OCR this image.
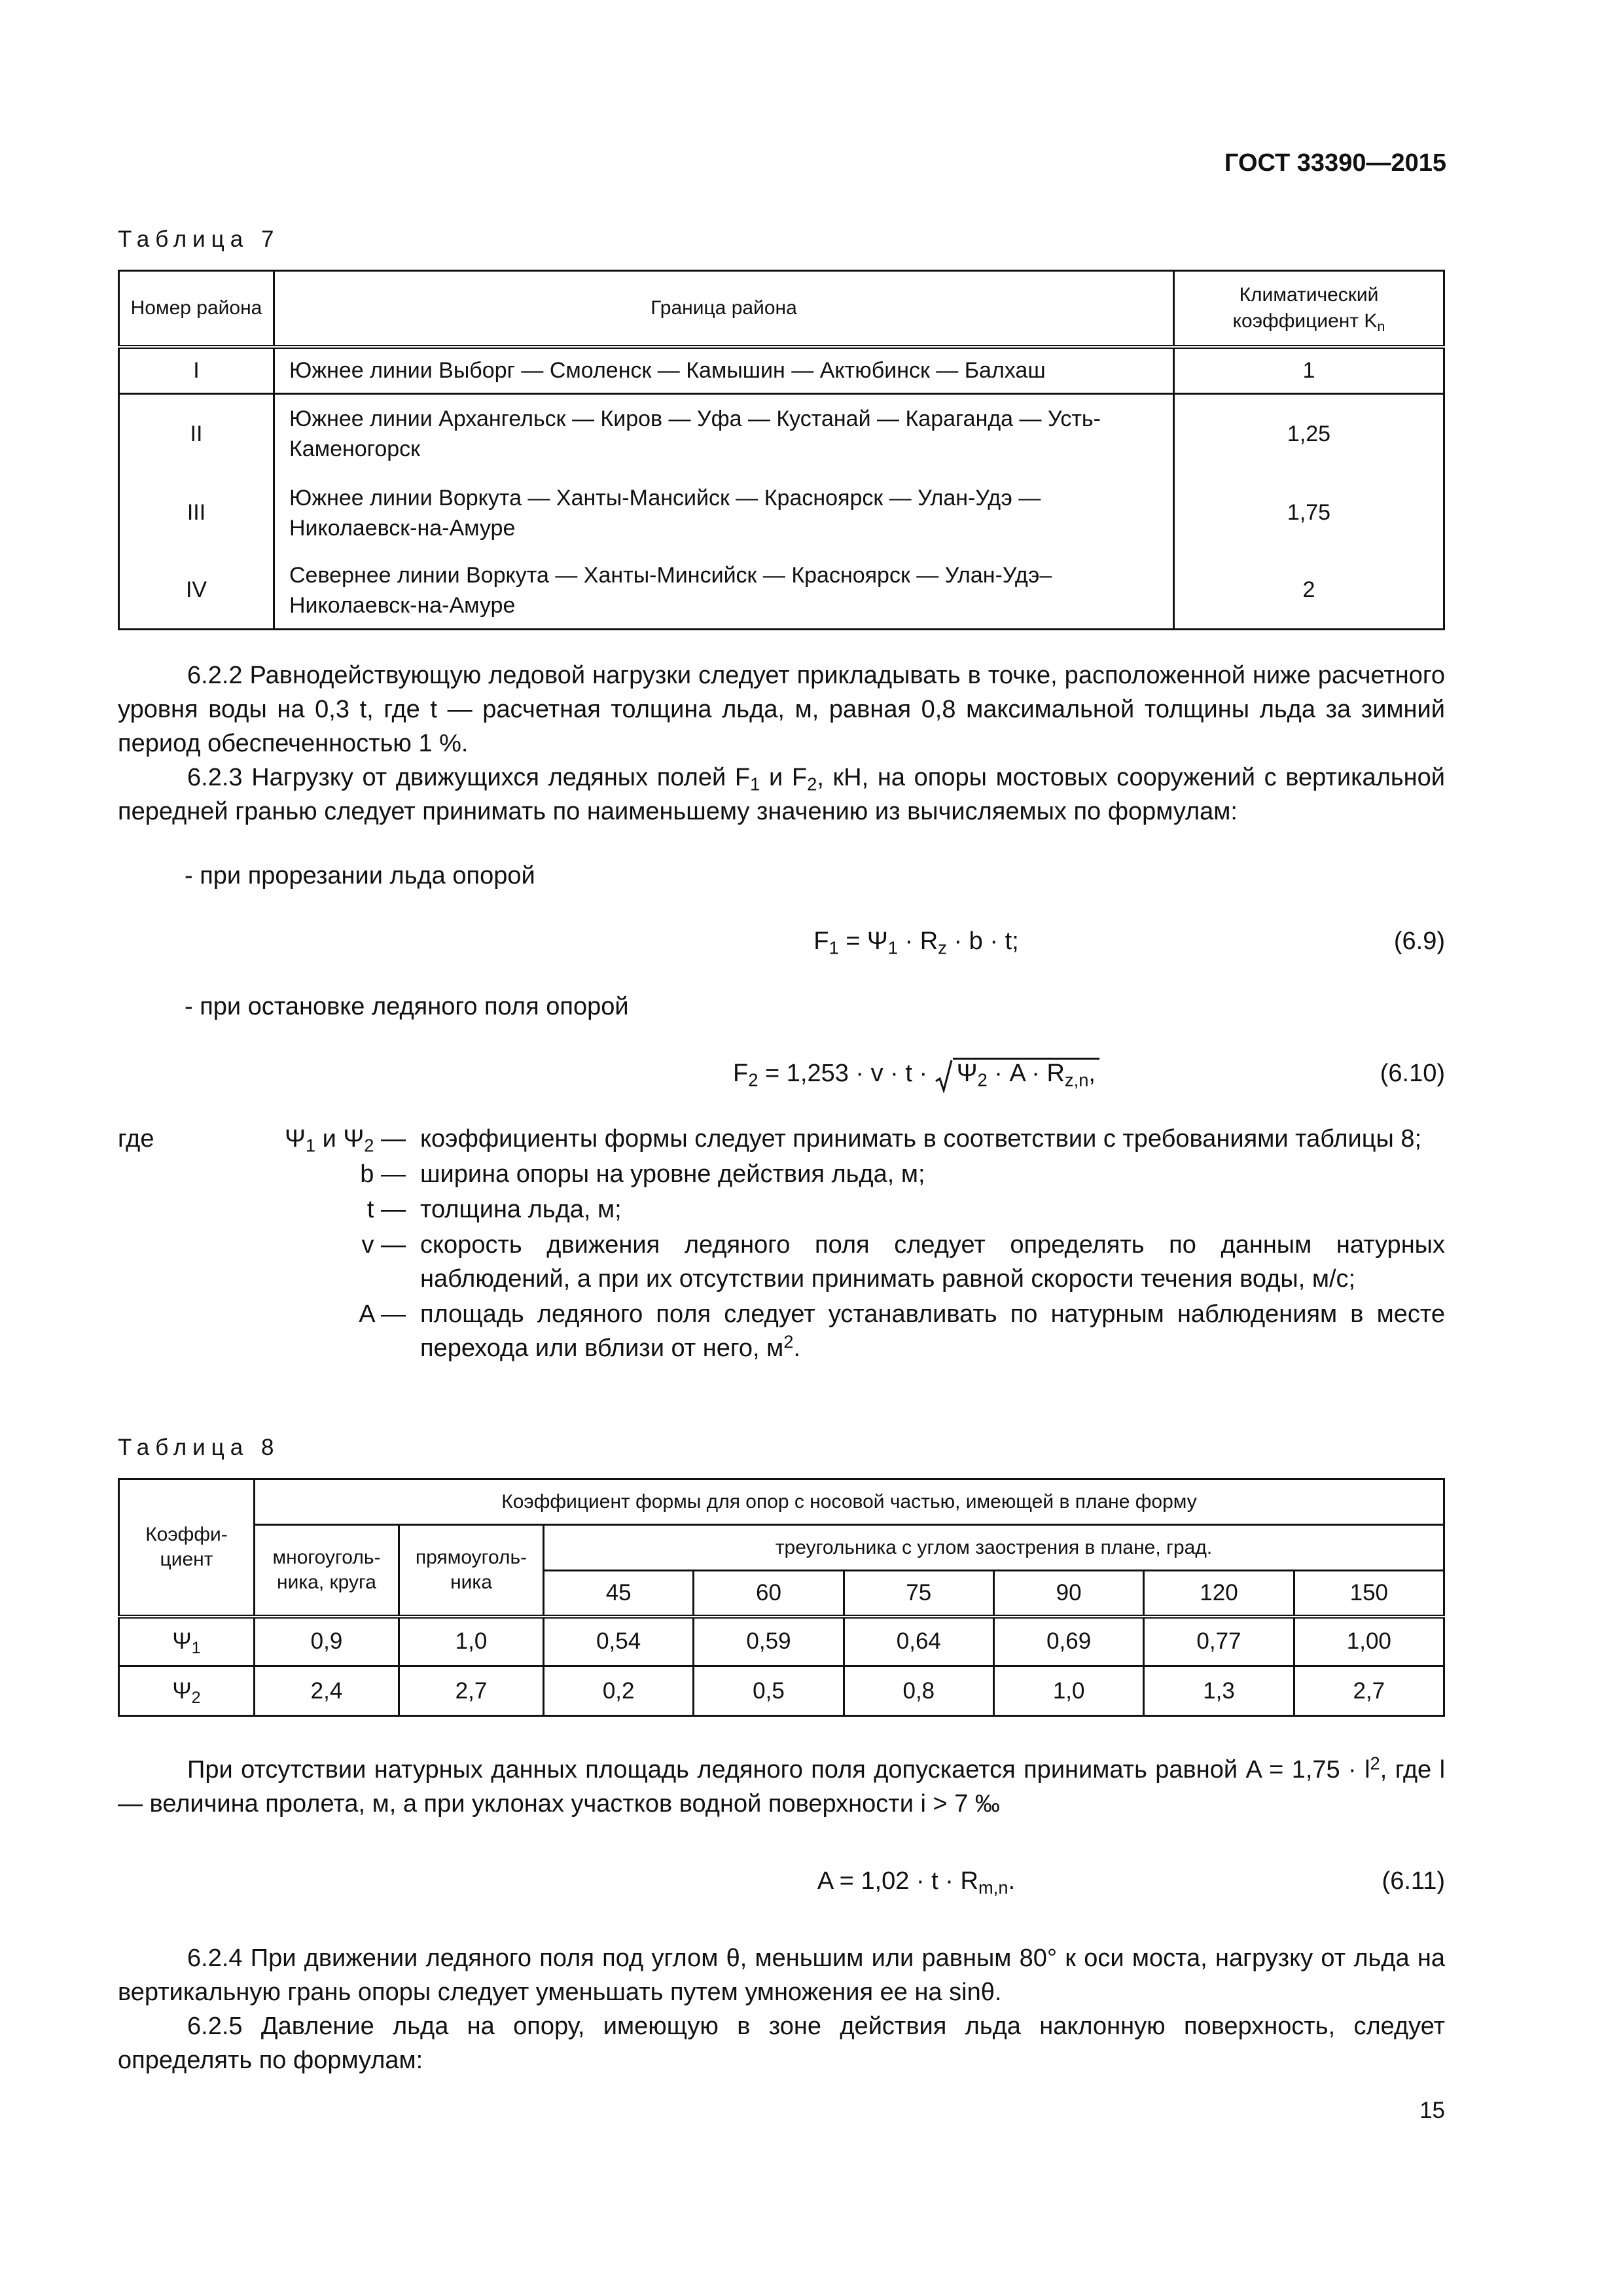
ГОСТ 33390—2015
Таблица 7
Номер района	Граница района	Климатический коэффициент $K_n$
I	Южнее линии Выборг — Смоленск — Камышин — Актюбинск — Балхаш	1
II	Южнее линии Архангельск — Киров — Уфа — Кустанай — Караганда — Усть-Каменогорск	1,25
III	Южнее линии Воркута — Ханты-Мансийск — Красноярск — Улан-Удэ — Николаевск-на-Амуре	1,75
IV	Севернее линии Воркута — Ханты-Минсийск — Красноярск — Улан-Удэ–Николаевск-на-Амуре	2
6.2.2 Равнодействующую ледовой нагрузки следует прикладывать в точке, расположенной ниже расчетного уровня воды на 0,3 t, где t — расчетная толщина льда, м, равная 0,8 максимальной толщины льда за зимний период обеспеченностью 1 %.
6.2.3 Нагрузку от движущихся ледяных полей $F_1$ и $F_2$, кН, на опоры мостовых сооружений с вертикальной передней гранью следует принимать по наименьшему значению из вычисляемых по формулам:
- при прорезании льда опорой
$F_1 = \Psi_1 \cdot R_z \cdot b \cdot t$;	(6.9)
- при остановке ледяного поля опорой
$F_2 = 1,253 \cdot v \cdot t$ ·
$\Psi_2 \cdot A \cdot R_{z,n}$,	(6.10)
где	$\Psi_1$ и $\Psi_2$ — коэффициенты формы следует принимать в соответствии с требованиями таблицы 8;
b — ширина опоры на уровне действия льда, м;
t — толщина льда, м;
v — скорость движения ледяного поля следует определять по данным натурных наблюдений, а при их отсутствии принимать равной скорости течения воды, м/с;
A — площадь ледяного поля следует устанавливать по натурным наблюдениям в месте перехода или вблизи от него, $м^2$.
Таблица 8
Коэффи-циент	Коэффициент формы для опор с носовой частью, имеющей в плане форму							
	многоуголь-ника, круга	прямоуголь-ника	треугольника с углом заострения в плане, град.					
			45	60	75	90	120	150
$\Psi_1$	0,9	1,0	0,54	0,59	0,64	0,69	0,77	1,00
$\Psi_2$	2,4	2,7	0,2	0,5	0,8	1,0	1,3	2,7
При отсутствии натурных данных площадь ледяного поля допускается принимать равной $A = 1,75 \cdot l^2$, где l — величина пролета, м, а при уклонах участков водной поверхности i > 7 ‰
$A = 1,02 \cdot t \cdot R_{m,n}$.	(6.11)
6.2.4 При движении ледяного поля под углом θ, меньшим или равным 80° к оси моста, нагрузку от льда на вертикальную грань опоры следует уменьшать путем умножения ее на sinθ.
6.2.5 Давление льда на опору, имеющую в зоне действия льда наклонную поверхность, следует определять по формулам:
15
